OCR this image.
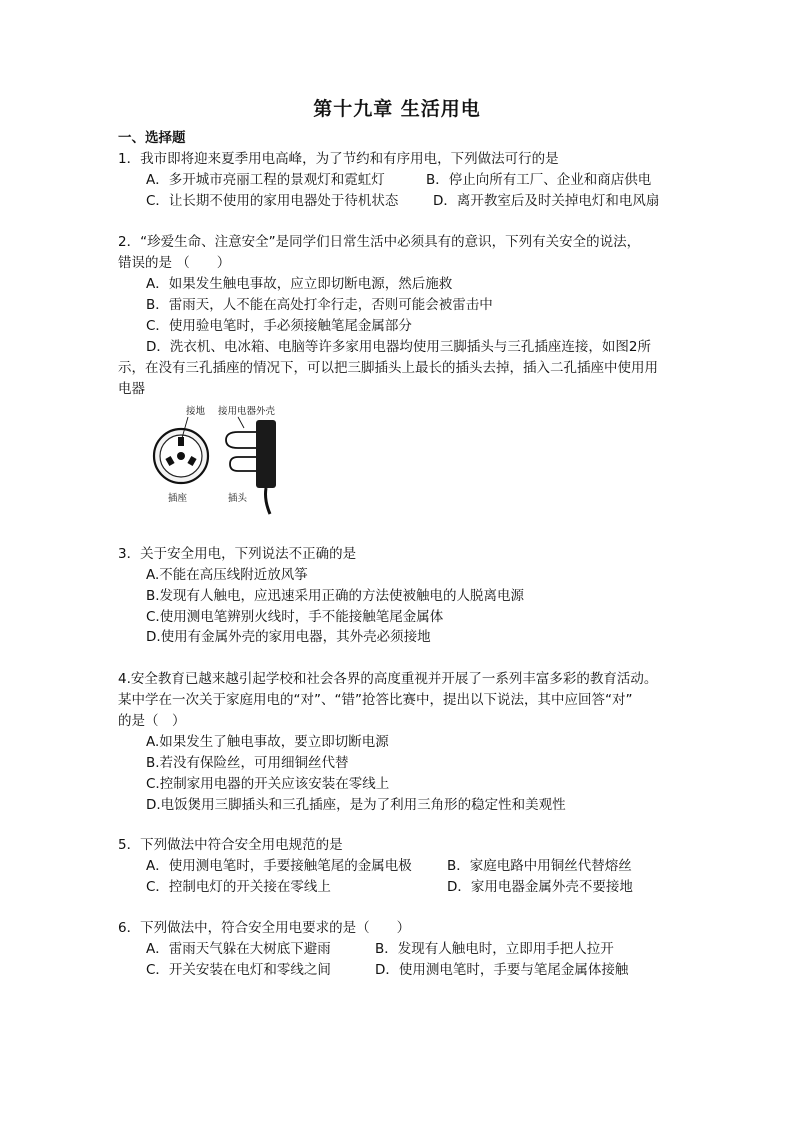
第十九章 生活用电
一、选择题
1．我市即将迎来夏季用电高峰，为了节约和有序用电，下列做法可行的是
A．多开城市亮丽工程的景观灯和霓虹灯	B．停止向所有工厂、企业和商店供电
C．让长期不使用的家用电器处于待机状态	D．离开教室后及时关掉电灯和电风扇
2．“珍爱生命、注意安全”是同学们日常生活中必须具有的意识，下列有关安全的说法，
错误的是 （　　）
A．如果发生触电事故，应立即切断电源，然后施救
B．雷雨天，人不能在高处打伞行走，否则可能会被雷击中
C．使用验电笔时，手必须接触笔尾金属部分
D．洗衣机、电冰箱、电脑等许多家用电器均使用三脚插头与三孔插座连接，如图2所
示，在没有三孔插座的情况下，可以把三脚插头上最长的插头去掉，插入二孔插座中使用用
电器
接地 接用电器外壳
插座	插头
3．关于安全用电，下列说法不正确的是
A.不能在高压线附近放风筝
B.发现有人触电，应迅速采用正确的方法使被触电的人脱离电源
C.使用测电笔辨别火线时，手不能接触笔尾金属体
D.使用有金属外壳的家用电器，其外壳必须接地
4.安全教育已越来越引起学校和社会各界的高度重视并开展了一系列丰富多彩的教育活动。
某中学在一次关于家庭用电的“对”、“错”抢答比赛中，提出以下说法，其中应回答“对”
的是（　）
A.如果发生了触电事故，要立即切断电源
B.若没有保险丝，可用细铜丝代替
C.控制家用电器的开关应该安装在零线上
D.电饭煲用三脚插头和三孔插座，是为了利用三角形的稳定性和美观性
5．下列做法中符合安全用电规范的是
A．使用测电笔时，手要接触笔尾的金属电极	B．家庭电路中用铜丝代替熔丝
C．控制电灯的开关接在零线上	D．家用电器金属外壳不要接地
6．下列做法中，符合安全用电要求的是（　　）
A．雷雨天气躲在大树底下避雨	B．发现有人触电时，立即用手把人拉开
C．开关安装在电灯和零线之间	D．使用测电笔时，手要与笔尾金属体接触
